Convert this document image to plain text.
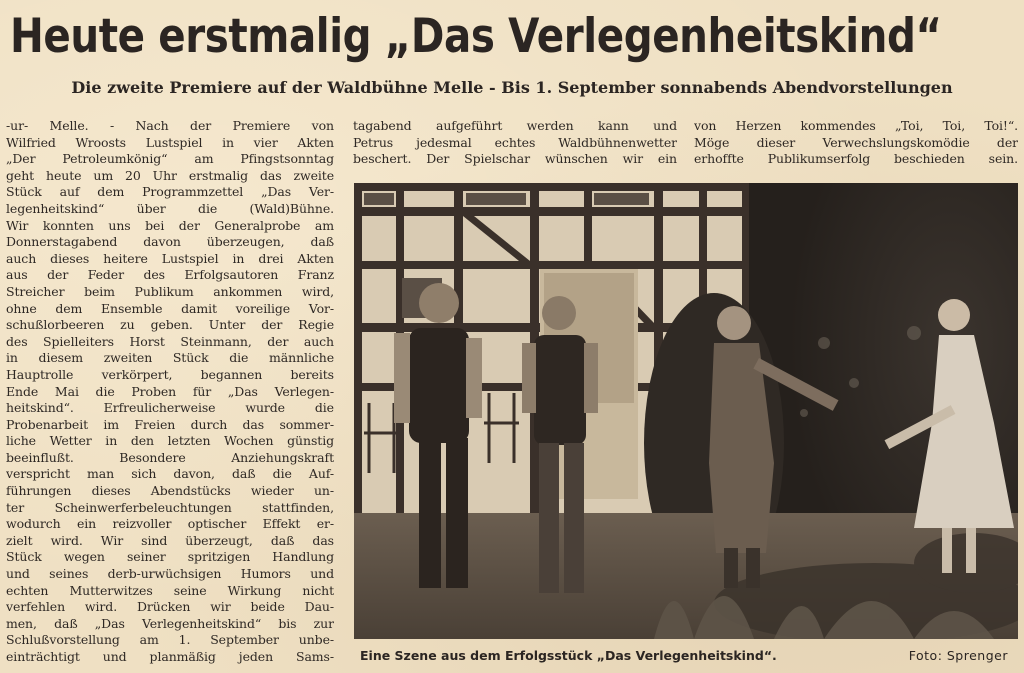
Heute erstmalig „Das Verlegenheitskind“
Die zweite Premiere auf der Waldbühne Melle - Bis 1. September sonnabends Abendvorstellungen
-ur- Melle. - Nach der Premiere von
Wilfried Wroosts Lustspiel in vier Akten
„Der Petroleumkönig“ am Pfingstsonntag
geht heute um 20 Uhr erstmalig das zweite
Stück auf dem Programmzettel „Das Ver-
legenheitskind“ über die (Wald)Bühne.
Wir konnten uns bei der Generalprobe am
Donnerstagabend davon überzeugen, daß
auch dieses heitere Lustspiel in drei Akten
aus der Feder des Erfolgsautoren Franz
Streicher beim Publikum ankommen wird,
ohne dem Ensemble damit voreilige Vor-
schußlorbeeren zu geben. Unter der Regie
des Spielleiters Horst Steinmann, der auch
in diesem zweiten Stück die männliche
Hauptrolle verkörpert, begannen bereits
Ende Mai die Proben für „Das Verlegen-
heitskind“. Erfreulicherweise wurde die
Probenarbeit im Freien durch das sommer-
liche Wetter in den letzten Wochen günstig
beeinflußt. Besondere Anziehungskraft
verspricht man sich davon, daß die Auf-
führungen dieses Abendstücks wieder un-
ter Scheinwerferbeleuchtungen stattfinden,
wodurch ein reizvoller optischer Effekt er-
zielt wird. Wir sind überzeugt, daß das
Stück wegen seiner spritzigen Handlung
und seines derb-urwüchsigen Humors und
echten Mutterwitzes seine Wirkung nicht
verfehlen wird. Drücken wir beide Dau-
men, daß „Das Verlegenheitskind“ bis zur
Schlußvorstellung am 1. September unbe-
einträchtigt und planmäßig jeden Sams-
tagabend aufgeführt werden kann und
Petrus jedesmal echtes Waldbühnenwetter
beschert. Der Spielschar wünschen wir ein
von Herzen kommendes „Toi, Toi, Toi!“.
Möge dieser Verwechslungskomödie der
erhoffte Publikumserfolg beschieden sein.
Eine Szene aus dem Erfolgsstück „Das Verlegenheitskind“.	Foto: Sprenger
